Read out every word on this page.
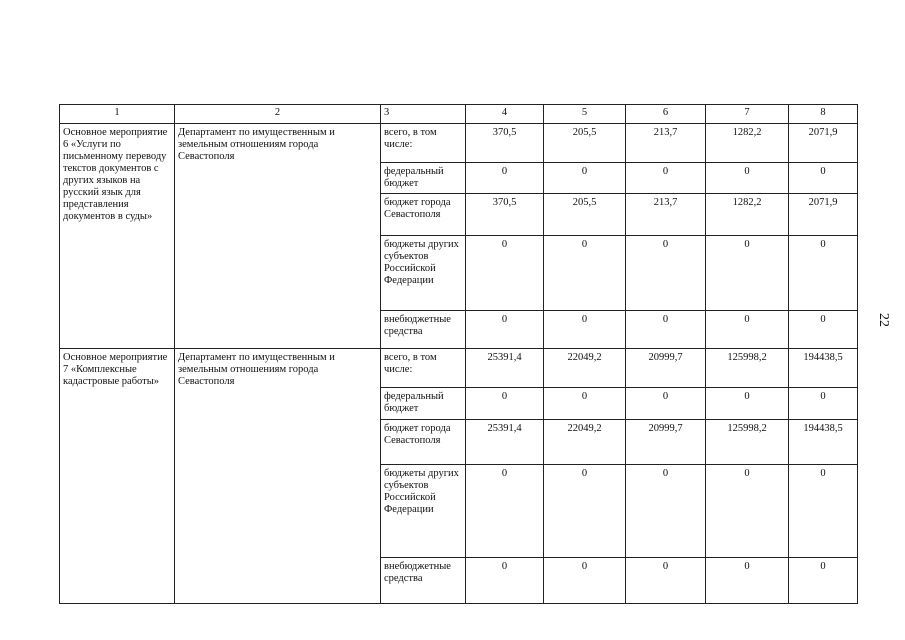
1	2	3	4	5	6	7	8
Основное мероприятие 6 «Услуги по письменному переводу текстов документов с других языков на русский язык для представления документов в суды»	Департамент по имущественным и земельным отношениям города Севастополя	всего, в том числе:	370,5	205,5	213,7	1282,2	2071,9
		федеральный бюджет	0	0	0	0	0
		бюджет города Севастополя	370,5	205,5	213,7	1282,2	2071,9
		бюджеты других субъектов Российской Федерации	0	0	0	0	0
		внебюджетные средства	0	0	0	0	0
Основное мероприятие 7 «Комплексные кадастровые работы»	Департамент по имущественным и земельным отношениям города Севастополя	всего, в том числе:	25391,4	22049,2	20999,7	125998,2	194438,5
		федеральный бюджет	0	0	0	0	0
		бюджет города Севастополя	25391,4	22049,2	20999,7	125998,2	194438,5
		бюджеты других субъектов Российской Федерации	0	0	0	0	0
		внебюджетные средства	0	0	0	0	0
22
